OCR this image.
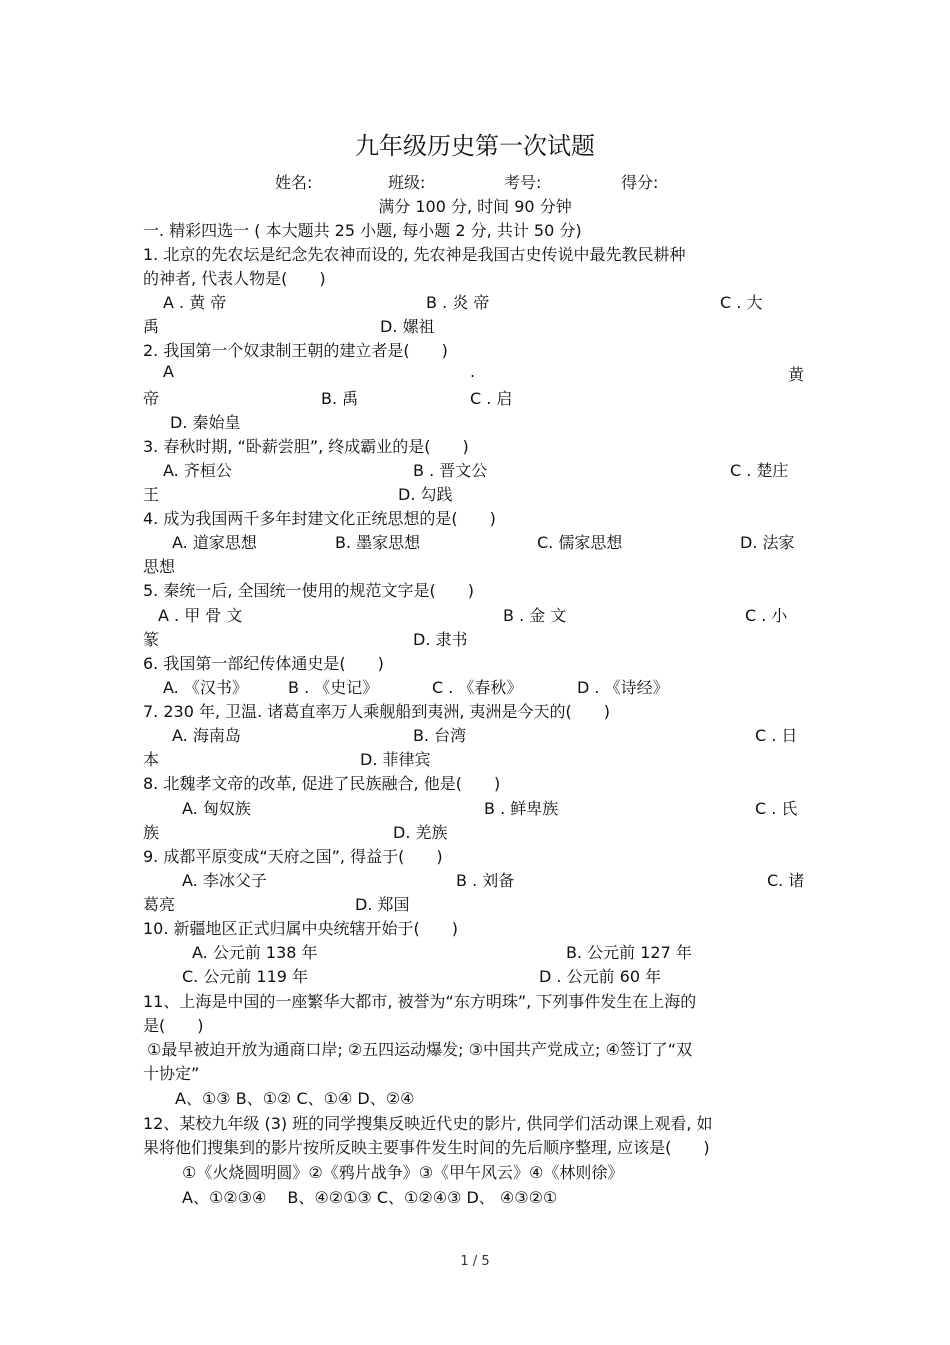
九年级历史第一次试题
姓名:	班级:	考号:	得分:
满分 100 分, 时间 90 分钟
一. 精彩四选一 ( 本大题共 25 小题, 每小题 2 分, 共计 50 分)
1. 北京的先农坛是纪念先农神而设的, 先农神是我国古史传说中最先教民耕种
的神者, 代表人物是(　　)
A . 黄 帝	B . 炎 帝	C . 大
禹	D. 嫘祖
2. 我国第一个奴隶制王朝的建立者是(　　)
A	.	黄
帝	B. 禹	C . 启
D. 秦始皇
3. 春秋时期, “卧薪尝胆”, 终成霸业的是(　　)
A. 齐桓公	B . 晋文公	C . 楚庄
王	D. 勾践
4. 成为我国两千多年封建文化正统思想的是(　　)
A. 道家思想	B. 墨家思想	C. 儒家思想	D. 法家
思想
5. 秦统一后, 全国统一使用的规范文字是(　　)
A . 甲 骨 文	B . 金 文	C . 小
篆	D. 隶书
6. 我国第一部纪传体通史是(　　)
A. 《汉书》	B . 《史记》	C . 《春秋》	D . 《诗经》
7. 230 年, 卫温. 诸葛直率万人乘舰船到夷洲, 夷洲是今天的(　　)
A. 海南岛	B. 台湾	C . 日
本	D. 菲律宾
8. 北魏孝文帝的改革, 促进了民族融合, 他是(　　)
A. 匈奴族	B . 鲜卑族	C . 氏
族	D. 羌族
9. 成都平原变成“天府之国”, 得益于(　　)
A. 李冰父子	B . 刘备	C. 诸
葛亮	D. 郑国
10. 新疆地区正式归属中央统辖开始于(　　)
A. 公元前 138 年	B. 公元前 127 年
C. 公元前 119 年	D . 公元前 60 年
11、上海是中国的一座繁华大都市, 被誉为“东方明珠”, 下列事件发生在上海的
是(　　)
①最早被迫开放为通商口岸; ②五四运动爆发; ③中国共产党成立; ④签订了“双
十协定”
A、①③ B、①② C、①④ D、②④
12、某校九年级 (3) 班的同学搜集反映近代史的影片, 供同学们活动课上观看, 如
果将他们搜集到的影片按所反映主要事件发生时间的先后顺序整理, 应该是(　　)
①《火烧圆明圆》②《鸦片战争》③《甲午风云》④《林则徐》
A、①②③④　 B、④②①③ C、①②④③ D、 ④③②①
1 / 5
